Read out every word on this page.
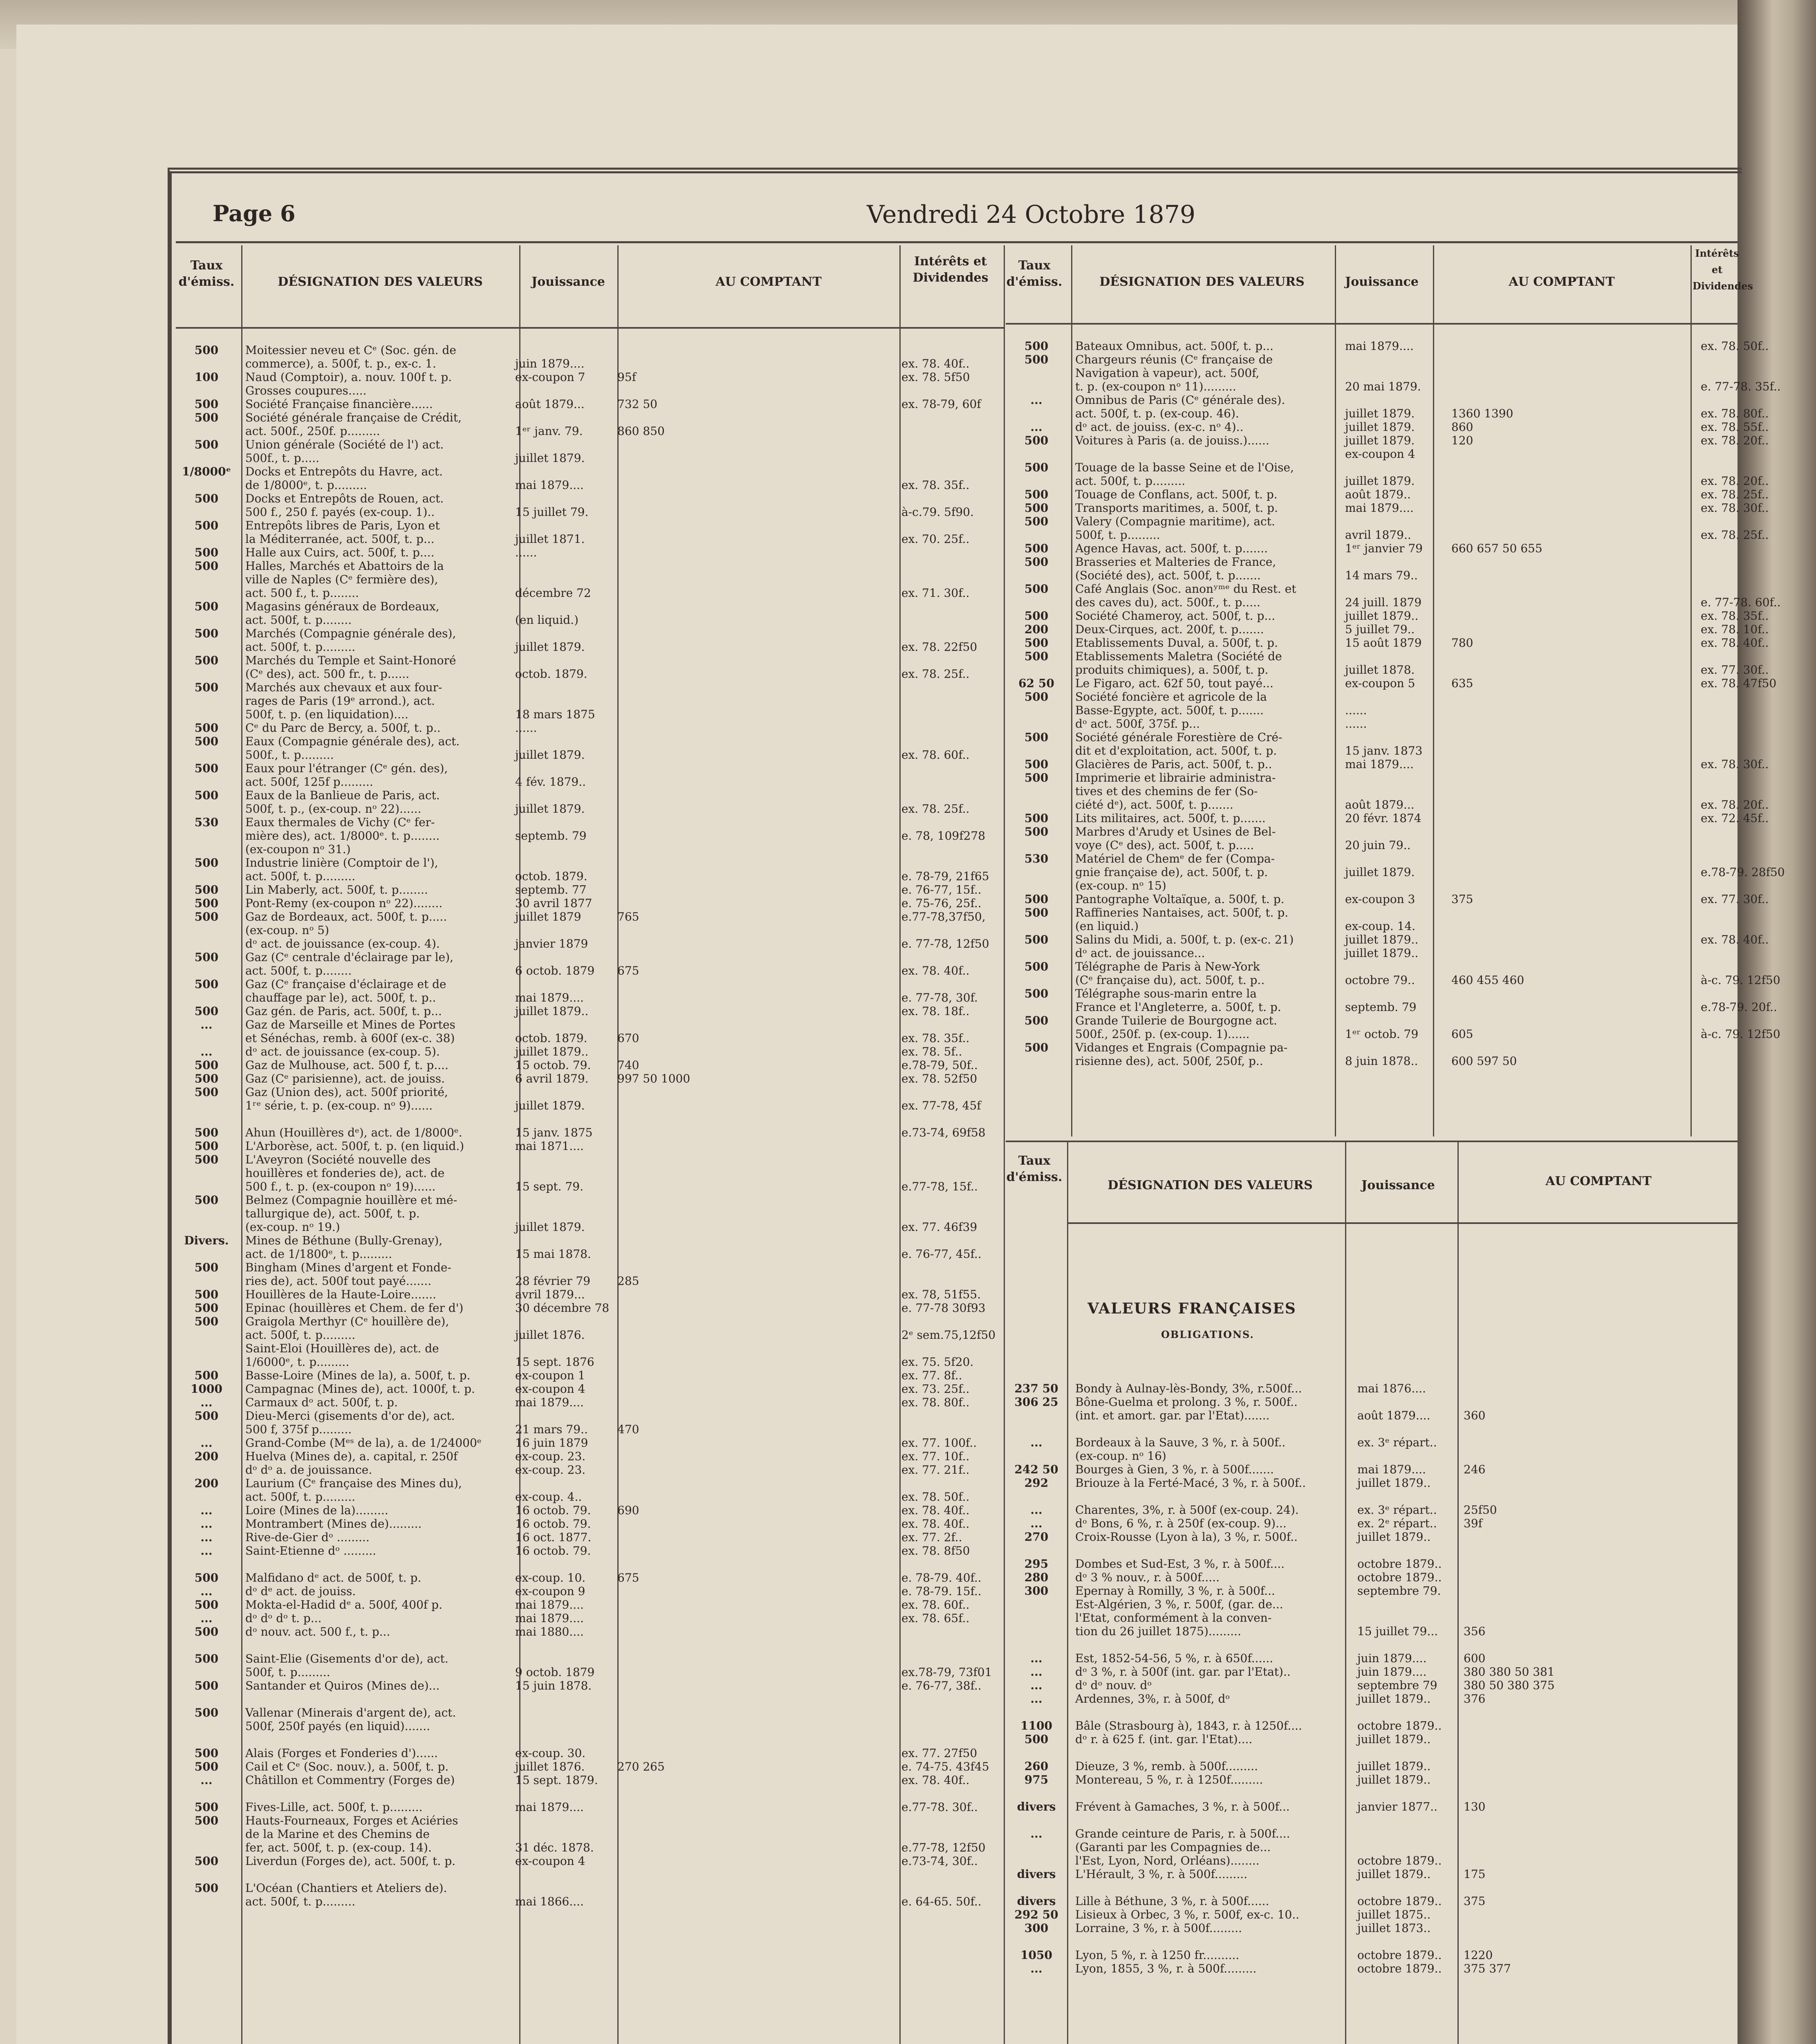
Page 6	Vendredi 24 Octobre 1879
Taux d'émiss.	DÉSIGNATION DES VALEURS	Jouissance	AU COMPTANT
Intérêts et Dividendes
500	Moitessier neveu et Cᵉ (Soc. gén. de
commerce), a. 500f, t. p., ex-c. 1.	juin 1879....	ex. 78. 40f..
100	Naud (Comptoir), a. nouv. 100f t. p.	ex-coupon 7	95f	ex. 78. 5f50
Grosses coupures.....
500	Société Française financière......	août 1879...	732 50	ex. 78-79, 60f
500	Société générale française de Crédit,
act. 500f., 250f. p.........	1ᵉʳ janv. 79.	860 850
500	Union générale (Société de l') act.
500f., t. p.....	juillet 1879.
1/8000ᵉ	Docks et Entrepôts du Havre, act.
de 1/8000ᵉ, t. p.........	mai 1879....	ex. 78. 35f..
500	Docks et Entrepôts de Rouen, act.
500 f., 250 f. payés (ex-coup. 1)..	15 juillet 79.	à-c.79. 5f90.
500	Entrepôts libres de Paris, Lyon et
la Méditerranée, act. 500f, t. p...	juillet 1871.	ex. 70. 25f..
500	Halle aux Cuirs, act. 500f, t. p....	......
500	Halles, Marchés et Abattoirs de la
ville de Naples (Cᵉ fermière des),
act. 500 f., t. p........	décembre 72	ex. 71. 30f..
500	Magasins généraux de Bordeaux,
act. 500f, t. p........	(en liquid.)
500	Marchés (Compagnie générale des),
act. 500f, t. p.........	juillet 1879.	ex. 78. 22f50
500	Marchés du Temple et Saint-Honoré
(Cᵉ des), act. 500 fr., t. p......	octob. 1879.	ex. 78. 25f..
500	Marchés aux chevaux et aux four-
rages de Paris (19ᵉ arrond.), act.
500f, t. p. (en liquidation)....	18 mars 1875
500	Cᵉ du Parc de Bercy, a. 500f, t. p..	......
500	Eaux (Compagnie générale des), act.
500f., t. p.........	juillet 1879.	ex. 78. 60f..
500	Eaux pour l'étranger (Cᵉ gén. des),
act. 500f, 125f p.........	4 fév. 1879..
500	Eaux de la Banlieue de Paris, act.
500f, t. p., (ex-coup. nᵒ 22)......	juillet 1879.	ex. 78. 25f..
530	Eaux thermales de Vichy (Cᵉ fer-
mière des), act. 1/8000ᵉ. t. p........	septemb. 79	e. 78, 109f278
(ex-coupon nᵒ 31.)
500	Industrie linière (Comptoir de l'),
act. 500f, t. p.........	octob. 1879.	e. 78-79, 21f65
500	Lin Maberly, act. 500f, t. p........	septemb. 77	e. 76-77, 15f..
500	Pont-Remy (ex-coupon nᵒ 22)........	30 avril 1877	e. 75-76, 25f..
500	Gaz de Bordeaux, act. 500f, t. p.....	juillet 1879	765	e.77-78,37f50,
(ex-coup. nᵒ 5)
dᵒ act. de jouissance (ex-coup. 4).	janvier 1879	e. 77-78, 12f50
500	Gaz (Cᵉ centrale d'éclairage par le),
act. 500f, t. p........	6 octob. 1879	675	ex. 78. 40f..
500	Gaz (Cᵉ française d'éclairage et de
chauffage par le), act. 500f, t. p..	mai 1879....	e. 77-78, 30f.
500	Gaz gén. de Paris, act. 500f, t. p...	juillet 1879..	ex. 78. 18f..
...	Gaz de Marseille et Mines de Portes
et Sénéchas, remb. à 600f (ex-c. 38)	octob. 1879.	670	ex. 78. 35f..
...	dᵒ act. de jouissance (ex-coup. 5).	juillet 1879..	ex. 78. 5f..
500	Gaz de Mulhouse, act. 500 f, t. p....	15 octob. 79.	740	e.78-79, 50f..
500	Gaz (Cᵉ parisienne), act. de jouiss.	6 avril 1879.	997 50 1000	ex. 78. 52f50
500	Gaz (Union des), act. 500f priorité,
1ʳᵉ série, t. p. (ex-coup. nᵒ 9)......	juillet 1879.	ex. 77-78, 45f
500	Ahun (Houillères dᵉ), act. de 1/8000ᵉ.	15 janv. 1875	e.73-74, 69f58
500	L'Arborèse, act. 500f, t. p. (en liquid.)	mai 1871....
500	L'Aveyron (Société nouvelle des
houillères et fonderies de), act. de
500 f., t. p. (ex-coupon nᵒ 19)......	15 sept. 79.	e.77-78, 15f..
500	Belmez (Compagnie houillère et mé-
tallurgique de), act. 500f, t. p.
(ex-coup. nᵒ 19.)	juillet 1879.	ex. 77. 46f39
Divers.	Mines de Béthune (Bully-Grenay),
act. de 1/1800ᵉ, t. p.........	15 mai 1878.	e. 76-77, 45f..
500	Bingham (Mines d'argent et Fonde-
ries de), act. 500f tout payé.......	28 février 79	285
500	Houillères de la Haute-Loire.......	avril 1879...	ex. 78, 51f55.
500	Epinac (houillères et Chem. de fer d')	30 décembre 78	e. 77-78 30f93
500	Graigola Merthyr (Cᵉ houillère de),
act. 500f, t. p.........	juillet 1876.	2ᵉ sem.75,12f50
Saint-Eloi (Houillères de), act. de
1/6000ᵉ, t. p.........	15 sept. 1876	ex. 75. 5f20.
500	Basse-Loire (Mines de la), a. 500f, t. p.	ex-coupon 1	ex. 77. 8f..
1000	Campagnac (Mines de), act. 1000f, t. p.	ex-coupon 4	ex. 73. 25f..
...	Carmaux dᵒ act. 500f, t. p.	mai 1879....	ex. 78. 80f..
500	Dieu-Merci (gisements d'or de), act.
500 f, 375f p.........	21 mars 79..	470
...	Grand-Combe (Mᵉˢ de la), a. de 1/24000ᵉ	16 juin 1879	ex. 77. 100f..
200	Huelva (Mines de), a. capital, r. 250f	ex-coup. 23.	ex. 77. 10f..
dᵒ dᵒ a. de jouissance.	ex-coup. 23.	ex. 77. 21f..
200	Laurium (Cᵉ française des Mines du),
act. 500f, t. p.........	ex-coup. 4..	ex. 78. 50f..
...	Loire (Mines de la).........	16 octob. 79.	690	ex. 78. 40f..
...	Montrambert (Mines de).........	16 octob. 79.	ex. 78. 40f..
...	Rive-de-Gier dᵒ .........	16 oct. 1877.	ex. 77. 2f..
...	Saint-Etienne dᵒ .........	16 octob. 79.	ex. 78. 8f50
500	Malfidano dᵉ act. de 500f, t. p.	ex-coup. 10.	675	e. 78-79. 40f..
...	dᵒ dᵉ act. de jouiss.	ex-coupon 9	e. 78-79. 15f..
500	Mokta-el-Hadid dᵉ a. 500f, 400f p.	mai 1879....	ex. 78. 60f..
...	dᵒ dᵒ dᵒ t. p...	mai 1879....	ex. 78. 65f..
500	dᵒ nouv. act. 500 f., t. p...	mai 1880....
500	Saint-Elie (Gisements d'or de), act.
500f, t. p.........	9 octob. 1879	ex.78-79, 73f01
500	Santander et Quiros (Mines de)...	15 juin 1878.	e. 76-77, 38f..
500	Vallenar (Minerais d'argent de), act.
500f, 250f payés (en liquid).......
500	Alais (Forges et Fonderies d')......	ex-coup. 30.	ex. 77. 27f50
500	Cail et Cᵉ (Soc. nouv.), a. 500f, t. p.	juillet 1876.	270 265	e. 74-75. 43f45
...	Châtillon et Commentry (Forges de)	15 sept. 1879.	ex. 78. 40f..
500	Fives-Lille, act. 500f, t. p.........	mai 1879....	e.77-78. 30f..
500	Hauts-Fourneaux, Forges et Aciéries
de la Marine et des Chemins de
fer, act. 500f, t. p. (ex-coup. 14).	31 déc. 1878.	e.77-78, 12f50
500	Liverdun (Forges de), act. 500f, t. p.	ex-coupon 4	e.73-74, 30f..
500	L'Océan (Chantiers et Ateliers de).
act. 500f, t. p.........	mai 1866....	e. 64-65. 50f..
Taux d'émiss.	DÉSIGNATION DES VALEURS	Jouissance	AU COMPTANT
Intérêts et Dividendes
500	Bateaux Omnibus, act. 500f, t. p...	mai 1879....	ex. 78. 50f..
500	Chargeurs réunis (Cᵉ française de
Navigation à vapeur), act. 500f,
t. p. (ex-coupon nᵒ 11).........	20 mai 1879.	e. 77-78. 35f..
...	Omnibus de Paris (Cᵉ générale des).
act. 500f, t. p. (ex-coup. 46).	juillet 1879.	1360 1390	ex. 78. 80f..
...	dᵒ act. de jouiss. (ex-c. nᵒ 4)..	juillet 1879.	860	ex. 78. 55f..
500	Voitures à Paris (a. de jouiss.)......	juillet 1879.	120	ex. 78. 20f..
ex-coupon 4
500	Touage de la basse Seine et de l'Oise,
act. 500f, t. p.........	juillet 1879.	ex. 78. 20f..
500	Touage de Conflans, act. 500f, t. p.	août 1879..	ex. 78. 25f..
500	Transports maritimes, a. 500f, t. p.	mai 1879....	ex. 78. 30f..
500	Valery (Compagnie maritime), act.
500f, t. p.........	avril 1879..	ex. 78. 25f..
500	Agence Havas, act. 500f, t. p.......	1ᵉʳ janvier 79	660 657 50 655
500	Brasseries et Malteries de France,
(Société des), act. 500f, t. p.......	14 mars 79..
500	Café Anglais (Soc. anonʸᵐᵉ du Rest. et
des caves du), act. 500f., t. p.....	24 juill. 1879	e. 77-78. 60f..
500	Société Chameroy, act. 500f, t. p...	juillet 1879..	ex. 78. 35f..
200	Deux-Cirques, act. 200f, t. p.......	5 juillet 79..	ex. 78. 10f..
500	Etablissements Duval, a. 500f, t. p.	15 août 1879	780	ex. 78. 40f..
500	Etablissements Maletra (Société de
produits chimiques), a. 500f, t. p.	juillet 1878.	ex. 77. 30f..
62 50	Le Figaro, act. 62f 50, tout payé...	ex-coupon 5	635	ex. 78. 47f50
500	Société foncière et agricole de la
Basse-Egypte, act. 500f, t. p.......	......
dᵒ act. 500f, 375f. p...	......
500	Société générale Forestière de Cré-
dit et d'exploitation, act. 500f, t. p.	15 janv. 1873
500	Glacières de Paris, act. 500f, t. p..	mai 1879....	ex. 78. 30f..
500	Imprimerie et librairie administra-
tives et des chemins de fer (So-
ciété dᵉ), act. 500f, t. p.......	août 1879...	ex. 78. 20f..
500	Lits militaires, act. 500f, t. p.......	20 févr. 1874	ex. 72. 45f..
500	Marbres d'Arudy et Usines de Bel-
voye (Cᵉ des), act. 500f, t. p.....	20 juin 79..
530	Matériel de Chemᵉ de fer (Compa-
gnie française de), act. 500f, t. p.	juillet 1879.	e.78-79. 28f50
(ex-coup. nᵒ 15)
500	Pantographe Voltaïque, a. 500f, t. p.	ex-coupon 3	375	ex. 77. 30f..
500	Raffineries Nantaises, act. 500f, t. p.
(en liquid.)	ex-coup. 14.
500	Salins du Midi, a. 500f, t. p. (ex-c. 21)	juillet 1879..	ex. 78. 40f..
dᵒ act. de jouissance...	juillet 1879..
500	Télégraphe de Paris à New-York
(Cᵉ française du), act. 500f, t. p..	octobre 79..	460 455 460	à-c. 79. 12f50
500	Télégraphe sous-marin entre la
France et l'Angleterre, a. 500f, t. p.	septemb. 79	e.78-79. 20f..
500	Grande Tuilerie de Bourgogne act.
500f., 250f. p. (ex-coup. 1)......	1ᵉʳ octob. 79	605	à-c. 79. 12f50
500	Vidanges et Engrais (Compagnie pa-
risienne des), act. 500f, 250f, p..	8 juin 1878..	600 597 50
Taux d'émiss.
DÉSIGNATION DES VALEURS	Jouissance	AU COMPTANT
VALEURS FRANÇAISES
OBLIGATIONS.
237 50	Bondy à Aulnay-lès-Bondy, 3%, r.500f...	mai 1876....
306 25	Bône-Guelma et prolong. 3 %, r. 500f..
(int. et amort. gar. par l'Etat).......	août 1879....	360
...	Bordeaux à la Sauve, 3 %, r. à 500f..	ex. 3ᵉ répart..
(ex-coup. nᵒ 16)
242 50	Bourges à Gien, 3 %, r. à 500f.......	mai 1879....	246
292	Briouze à la Ferté-Macé, 3 %, r. à 500f..	juillet 1879..
...	Charentes, 3%, r. à 500f (ex-coup. 24).	ex. 3ᵉ répart..	25f50
...	dᵒ Bons, 6 %, r. à 250f (ex-coup. 9)...	ex. 2ᵉ répart..	39f
270	Croix-Rousse (Lyon à la), 3 %, r. 500f..	juillet 1879..
295	Dombes et Sud-Est, 3 %, r. à 500f....	octobre 1879..
280	dᵒ 3 % nouv., r. à 500f.....	octobre 1879..
300	Epernay à Romilly, 3 %, r. à 500f...	septembre 79.
Est-Algérien, 3 %, r. 500f, (gar. de...
l'Etat, conformément à la conven-
tion du 26 juillet 1875).........	15 juillet 79...	356
...	Est, 1852-54-56, 5 %, r. à 650f......	juin 1879....	600
...	dᵒ 3 %, r. à 500f (int. gar. par l'Etat)..	juin 1879....	380 380 50 381
...	dᵒ dᵒ nouv. dᵒ	septembre 79	380 50 380 375
...	Ardennes, 3%, r. à 500f, dᵒ	juillet 1879..	376
1100	Bâle (Strasbourg à), 1843, r. à 1250f....	octobre 1879..
500	dᵒ r. à 625 f. (int. gar. l'Etat)....	juillet 1879..
260	Dieuze, 3 %, remb. à 500f.........	juillet 1879..
975	Montereau, 5 %, r. à 1250f.........	juillet 1879..
divers	Frévent à Gamaches, 3 %, r. à 500f...	janvier 1877..	130
...	Grande ceinture de Paris, r. à 500f....
(Garanti par les Compagnies de...
l'Est, Lyon, Nord, Orléans)........	octobre 1879..
divers	L'Hérault, 3 %, r. à 500f.........	juillet 1879..	175
divers	Lille à Béthune, 3 %, r. à 500f......	octobre 1879..	375
292 50	Lisieux à Orbec, 3 %, r. 500f, ex-c. 10..	juillet 1875..
300	Lorraine, 3 %, r. à 500f.........	juillet 1873..
1050	Lyon, 5 %, r. à 1250 fr..........	octobre 1879..	1220
...	Lyon, 1855, 3 %, r. à 500f.........	octobre 1879..	375 377
